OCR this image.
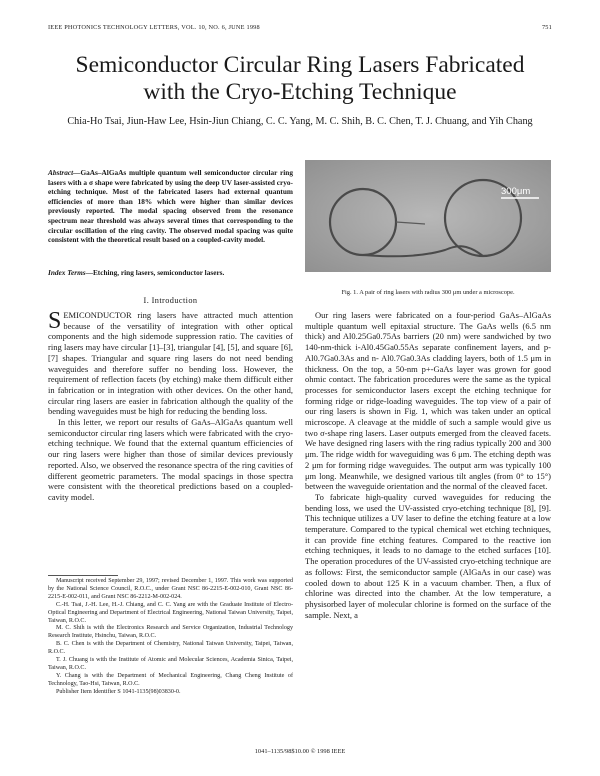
IEEE PHOTONICS TECHNOLOGY LETTERS, VOL. 10, NO. 6, JUNE 1998	751
Semiconductor Circular Ring Lasers Fabricated
with the Cryo-Etching Technique
Chia-Ho Tsai, Jiun-Haw Lee, Hsin-Jiun Chiang, C. C. Yang, M. C. Shih, B. C. Chen, T. J. Chuang, and Yih Chang
Abstract—GaAs–AlGaAs multiple quantum well semiconductor circular ring lasers with a σ shape were fabricated by using the deep UV laser-assisted cryo-etching technique. Most of the fabricated lasers had external quantum efficiencies of more than 18% which were higher than similar devices previously reported. The modal spacing observed from the resonance spectrum near threshold was always several times that corresponding to the circular oscillation of the ring cavity. The observed modal spacing was quite consistent with the theoretical result based on a coupled-cavity model.
Index Terms—Etching, ring lasers, semiconductor lasers.
I. Introduction

SEMICONDUCTOR ring lasers have attracted much attention because of the versatility of integration with other optical components and the high sidemode suppression ratio. The cavities of ring lasers may have circular [1]–[3], triangular [4], [5], and square [6], [7] shapes. Triangular and square ring lasers do not need bending waveguides and therefore suffer no bending loss. However, the requirement of reflection facets (by etching) make them difficult either in fabrication or in integration with other devices. On the other hand, circular ring lasers are easier in fabrication although the quality of the bending waveguides must be high for reducing the bending loss.

In this letter, we report our results of GaAs–AlGaAs quantum well semiconductor circular ring lasers which were fabricated with the cryo-etching technique. We found that the external quantum efficiencies of our ring lasers were higher than those of similar devices previously reported. Also, we observed the resonance spectra of the ring cavities of different geometric parameters. The modal spacings in those spectra were consistent with the theoretical predictions based on a coupled-cavity model.

Manuscript received September 29, 1997; revised December 1, 1997. This work was supported by the National Science Council, R.O.C., under Grant NSC 86-2215-E-002-010, Grant NSC 86-2215-E-002-011, and Grant NSC 86-2212-M-002-024.

C.-H. Tsai, J.-H. Lee, H.-J. Chiang, and C. C. Yang are with the Graduate Institute of Electro-Optical Engineering and Department of Electrical Engineering, National Taiwan University, Taipei, Taiwan, R.O.C.

M. C. Shih is with the Electronics Research and Service Organization, Industrial Technology Research Institute, Hsinchu, Taiwan, R.O.C.

B. C. Chen is with the Department of Chemistry, National Taiwan University, Taipei, Taiwan, R.O.C.

T. J. Chuang is with the Institute of Atomic and Molecular Sciences, Academia Sinica, Taipei, Taiwan, R.O.C.

Y. Chang is with the Department of Mechanical Engineering, Chang Cheng Institute of Technology, Tao-Hsi, Taiwan, R.O.C.

Publisher Item Identifier S 1041-1135(98)03830-0.

300μm
Fig. 1. A pair of ring lasers with radius 300 μm under a microscope.

Our ring lasers were fabricated on a four-period GaAs–AlGaAs multiple quantum well epitaxial structure. The GaAs wells (6.5 nm thick) and Al0.25Ga0.75As barriers (20 nm) were sandwiched by two 140-nm-thick i-Al0.45Ga0.55As separate confinement layers, and p-Al0.7Ga0.3As and n- Al0.7Ga0.3As cladding layers, both of 1.5 μm in thickness. On the top, a 50-nm p+-GaAs layer was grown for good ohmic contact. The fabrication procedures were the same as the typical processes for semiconductor lasers except the etching technique for forming ridge or ridge-loading waveguides. The top view of a pair of our ring lasers is shown in Fig. 1, which was taken under an optical microscope. A cleavage at the middle of such a sample would give us two σ-shape ring lasers. Laser outputs emerged from the cleaved facets. We have designed ring lasers with the ring radius typically 200 and 300 μm. The ridge width for waveguiding was 6 μm. The etching depth was 2 μm for forming ridge waveguides. The output arm was typically 100 μm long. Meanwhile, we designed various tilt angles (from 0° to 15°) between the waveguide orientation and the normal of the cleaved facet.

To fabricate high-quality curved waveguides for reducing the bending loss, we used the UV-assisted cryo-etching technique [8], [9]. This technique utilizes a UV laser to define the etching feature at a low temperature. Compared to the typical chemical wet etching techniques, it can provide fine etching features. Compared to the reactive ion etching techniques, it leads to no damage to the etched surfaces [10]. The operation procedures of the UV-assisted cryo-etching technique are as follows: First, the semiconductor sample (AlGaAs in our case) was cooled down to about 125 K in a vacuum chamber. Then, a flux of chlorine was directed into the chamber. At the low temperature, a physisorbed layer of molecular chlorine is formed on the surface of the sample. Next, a

1041–1135/98$10.00 © 1998 IEEE
